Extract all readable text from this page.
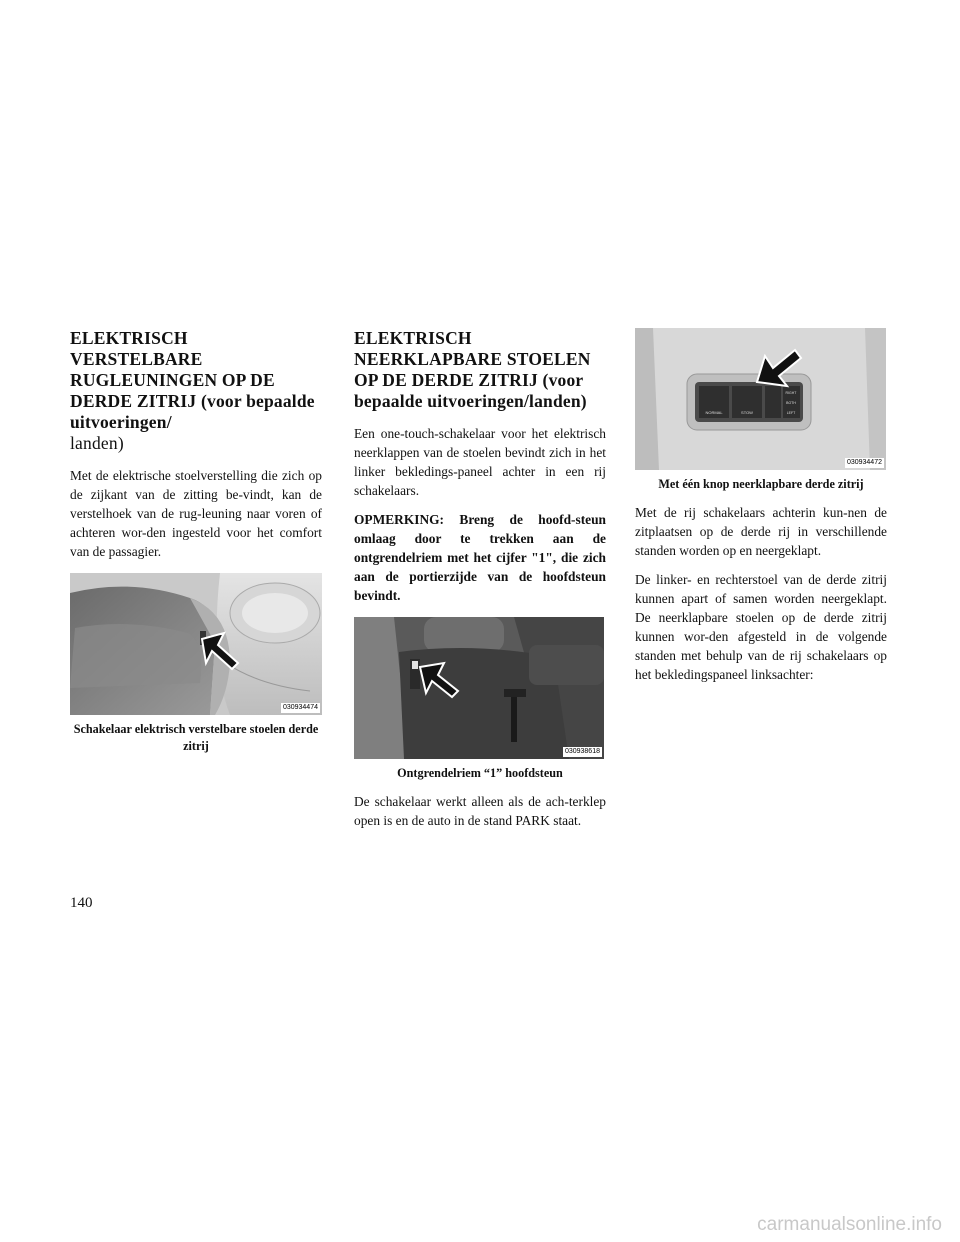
ELEKTRISCH VERSTELBARE RUGLEUNINGEN OP DE DERDE ZITRIJ (voor bepaalde uitvoeringen/
landen)

Met de elektrische stoelverstelling die zich op de zijkant van de zitting be-vindt, kan de verstelhoek van de rug-leuning naar voren of achteren wor-den ingesteld voor het comfort van de passagier.

030934474
Schakelaar elektrisch verstelbare stoelen derde zitrij
ELEKTRISCH NEERKLAPBARE STOELEN OP DE DERDE ZITRIJ (voor bepaalde uitvoeringen/landen)

Een one-touch-schakelaar voor het elektrisch neerklappen van de stoelen bevindt zich in het linker bekledings-paneel achter in een rij schakelaars.

OPMERKING: Breng de hoofd-steun omlaag door te trekken aan de ontgrendelriem met het cijfer "1", die zich aan de portierzijde van de hoofdsteun bevindt.

030938618
Ontgrendelriem “1” hoofdsteun

De schakelaar werkt alleen als de ach-terklep open is en de auto in de stand PARK staat.

NORMAL	STOW
RIGHT
BOTH
LEFT
030934472
Met één knop neerklapbare derde zitrij

Met de rij schakelaars achterin kun-nen de zitplaatsen op de derde rij in verschillende standen worden op en neergeklapt.

De linker- en rechterstoel van de derde zitrij kunnen apart of samen worden neergeklapt. De neerklapbare stoelen op de derde zitrij kunnen wor-den afgesteld in de volgende standen met behulp van de rij schakelaars op het bekledingspaneel linksachter:

140
carmanualsonline.info
